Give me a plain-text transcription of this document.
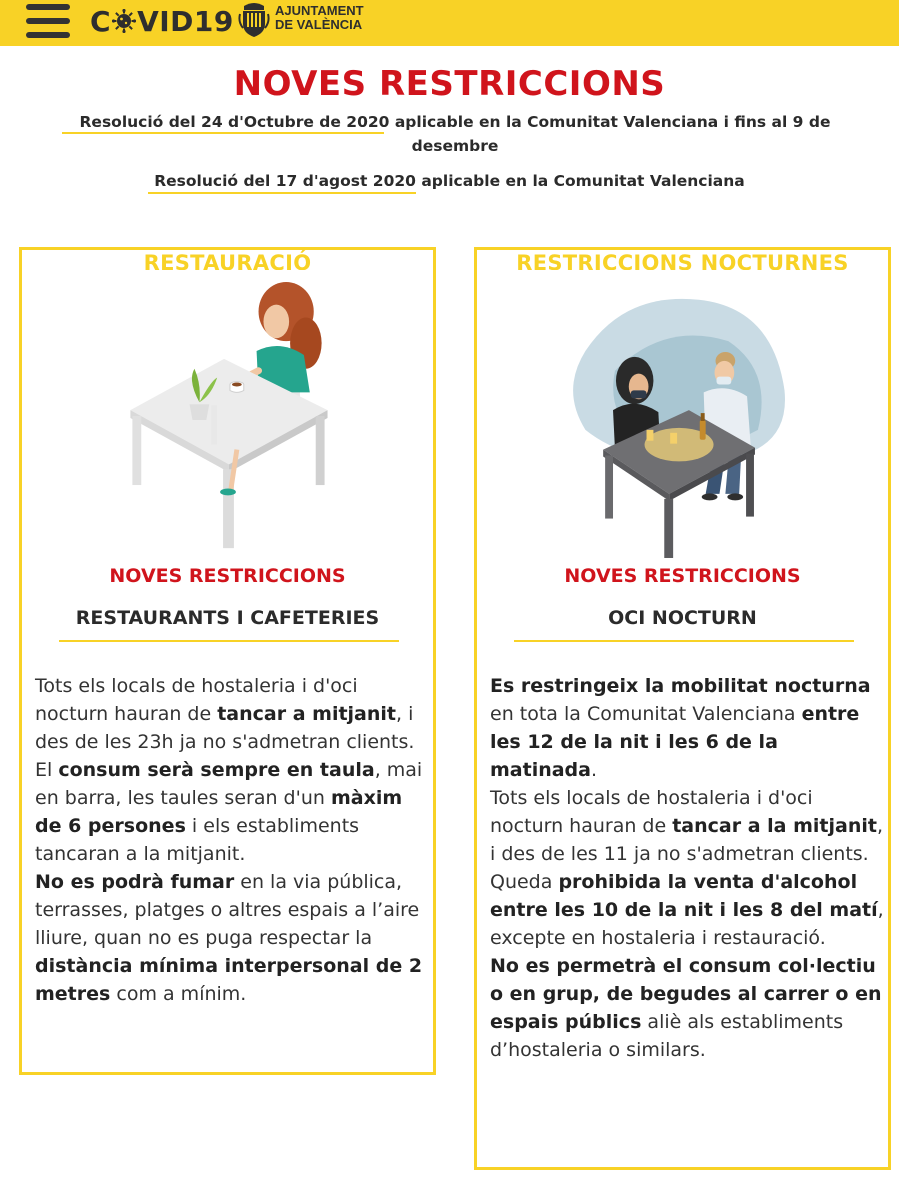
C VID19	AJUNTAMENT
DE VALÈNCIA
NOVES RESTRICCIONS
Resolució del 24 d'Octubre de 2020 aplicable en la Comunitat Valenciana i fins al 9 de desembre
Resolució del 17 d'agost 2020 aplicable en la Comunitat Valenciana
RESTAURACIÓ
NOVES RESTRICCIONS
RESTAURANTS I CAFETERIES

Tots els locals de hostaleria i d'oci nocturn hauran de tancar a mitjanit, i des de les 23h ja no s'admetran clients.

El consum serà sempre en taula, mai en barra, les taules seran d'un màxim de 6 persones i els establiments tancaran a la mitjanit.

No es podrà fumar en la via pública, terrasses, platges o altres espais a l’aire lliure, quan no es puga respectar la distància mínima interpersonal de 2 metres com a mínim.

RESTRICCIONS NOCTURNES
NOVES RESTRICCIONS
OCI NOCTURN

Es restringeix la mobilitat nocturna en tota la Comunitat Valenciana entre les 12 de la nit i les 6 de la matinada.

Tots els locals de hostaleria i d'oci nocturn hauran de tancar a la mitjanit, i des de les 11 ja no s'admetran clients.

Queda prohibida la venta d'alcohol entre les 10 de la nit i les 8 del matí, excepte en hostaleria i restauració.

No es permetrà el consum col·lectiu o en grup, de begudes al carrer o en espais públics aliè als establiments d’hostaleria o similars.
